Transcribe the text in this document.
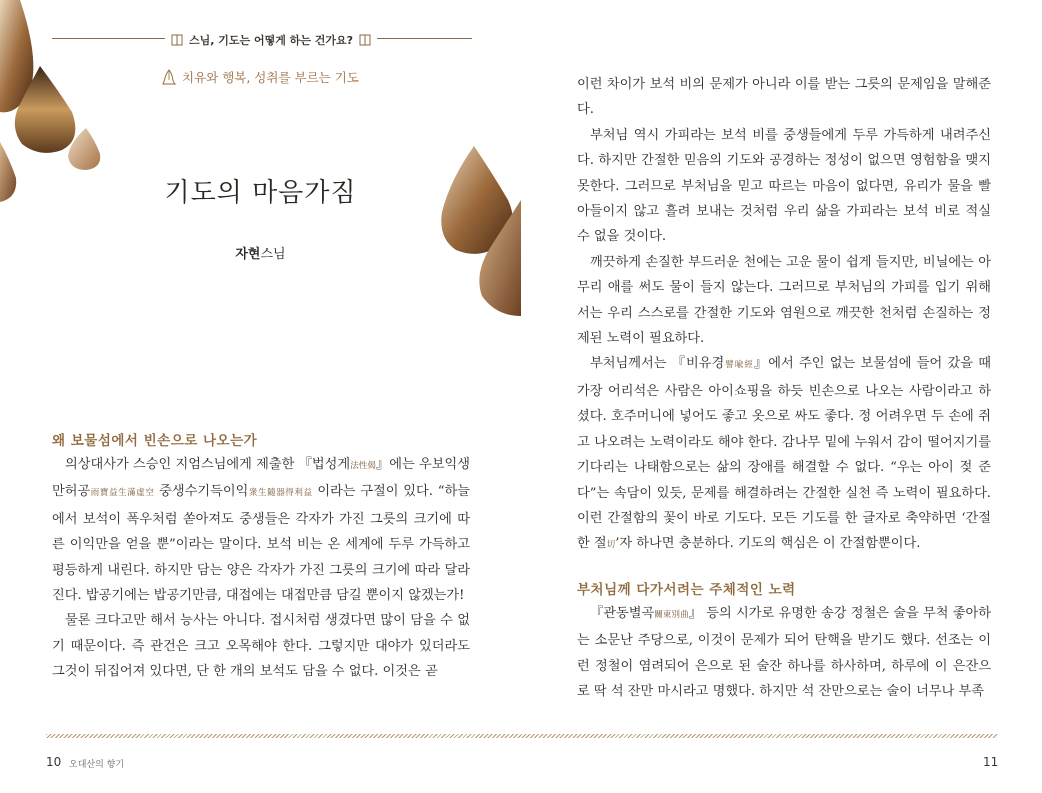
스님, 기도는 어떻게 하는 건가요?
치유와 행복, 성취를 부르는 기도
기도의 마음가짐
자현스님
왜 보물섬에서 빈손으로 나오는가

의상대사가 스승인 지엄스님에게 제출한 『법성게法性偈』에는 우보익생만허공雨寶益生滿虛空 중생수기득이익衆生隨器得利益 이라는 구절이 있다. “하늘에서 보석이 폭우처럼 쏟아져도 중생들은 각자가 가진 그릇의 크기에 따른 이익만을 얻을 뿐”이라는 말이다. 보석 비는 온 세계에 두루 가득하고 평등하게 내린다. 하지만 담는 양은 각자가 가진 그릇의 크기에 따라 달라진다. 밥공기에는 밥공기만큼, 대접에는 대접만큼 담길 뿐이지 않겠는가!

물론 크다고만 해서 능사는 아니다. 접시처럼 생겼다면 많이 담을 수 없기 때문이다. 즉 관건은 크고 오목해야 한다. 그렇지만 대야가 있더라도 그것이 뒤집어져 있다면, 단 한 개의 보석도 담을 수 없다. 이것은 곧

10 오대산의 향기

이런 차이가 보석 비의 문제가 아니라 이를 받는 그릇의 문제임을 말해준다.

부처님 역시 가피라는 보석 비를 중생들에게 두루 가득하게 내려주신다. 하지만 간절한 믿음의 기도와 공경하는 정성이 없으면 영험함을 맺지 못한다. 그러므로 부처님을 믿고 따르는 마음이 없다면, 유리가 물을 빨아들이지 않고 흘려 보내는 것처럼 우리 삶을 가피라는 보석 비로 적실 수 없을 것이다.

깨끗하게 손질한 부드러운 천에는 고운 물이 쉽게 들지만, 비닐에는 아무리 애를 써도 물이 들지 않는다. 그러므로 부처님의 가피를 입기 위해서는 우리 스스로를 간절한 기도와 염원으로 깨끗한 천처럼 손질하는 정제된 노력이 필요하다.

부처님께서는 『비유경譬喩經』에서 주인 없는 보물섬에 들어 갔을 때 가장 어리석은 사람은 아이쇼핑을 하듯 빈손으로 나오는 사람이라고 하셨다. 호주머니에 넣어도 좋고 옷으로 싸도 좋다. 정 어려우면 두 손에 쥐고 나오려는 노력이라도 해야 한다. 감나무 밑에 누워서 감이 떨어지기를 기다리는 나태함으로는 삶의 장애를 해결할 수 없다. “우는 아이 젖 준다”는 속담이 있듯, 문제를 해결하려는 간절한 실천 즉 노력이 필요하다. 이런 간절함의 꽃이 바로 기도다. 모든 기도를 한 글자로 축약하면 ‘간절한 절切’자 하나면 충분하다. 기도의 핵심은 이 간절함뿐이다.

부처님께 다가서려는 주체적인 노력

『관동별곡關東別曲』 등의 시가로 유명한 송강 정철은 술을 무척 좋아하는 소문난 주당으로, 이것이 문제가 되어 탄핵을 받기도 했다. 선조는 이런 정철이 염려되어 은으로 된 술잔 하나를 하사하며, 하루에 이 은잔으로 딱 석 잔만 마시라고 명했다. 하지만 석 잔만으로는 술이 너무나 부족

11
